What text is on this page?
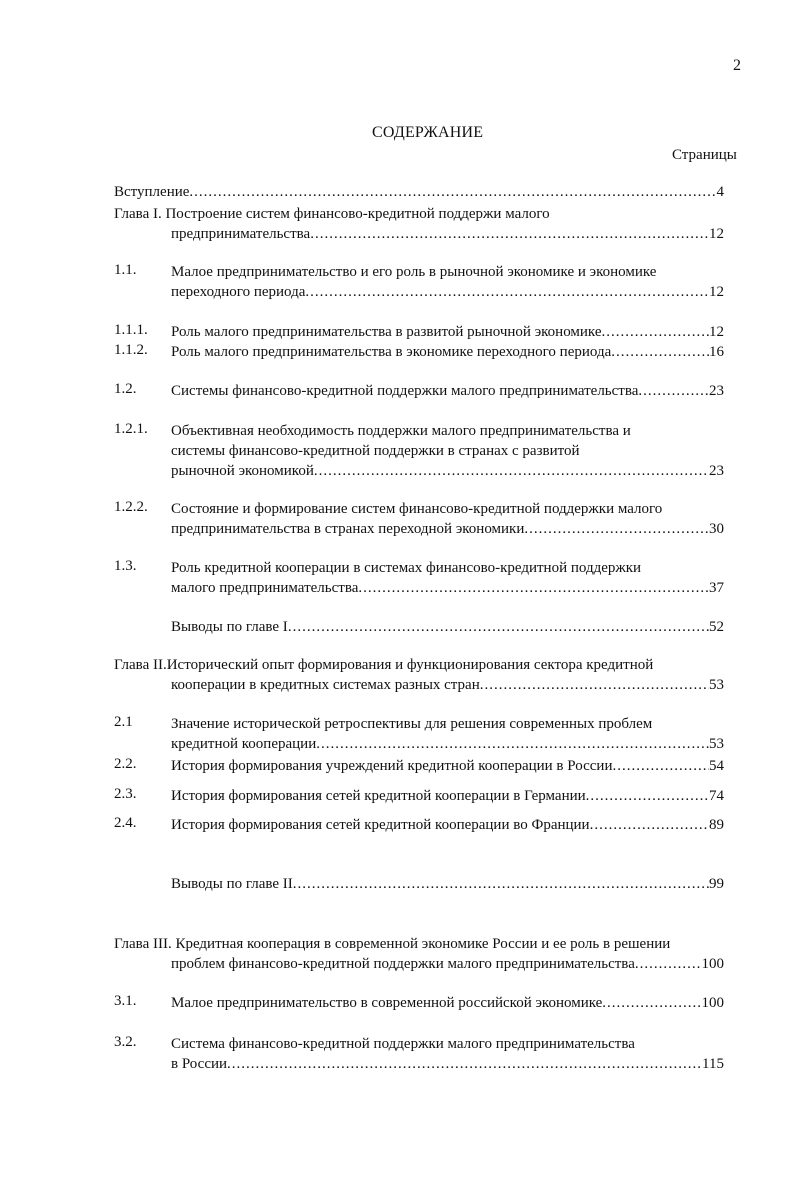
2
СОДЕРЖАНИЕ
Страницы
Вступление .....	4
Глава I. Построение систем финансово-кредитной поддержи малого
предпринимательства .....	12
1.1. Малое предпринимательство и его роль в рыночной экономике и экономике
переходного периода .....	12
1.1.1. Роль малого предпринимательства в развитой рыночной экономике .....	12
1.1.2. Роль малого предпринимательства в экономике переходного периода .....	16
1.2. Системы финансово-кредитной поддержки малого предпринимательства .....	23
1.2.1. Объективная необходимость поддержки малого предпринимательства и
системы финансово-кредитной поддержки в странах с развитой
рыночной экономикой .....	23
1.2.2. Состояние и формирование систем финансово-кредитной поддержки малого
предпринимательства в странах переходной экономики .....	30
1.3. Роль кредитной кооперации в системах финансово-кредитной поддержки
малого предпринимательства .....	37
Выводы по главе I .....	52
Глава II.Исторический опыт формирования и функционирования сектора кредитной
кооперации в кредитных системах разных стран .....	53
2.1	Значение исторической ретроспективы для решения современных проблем
кредитной кооперации .....	53
2.2. История формирования учреждений кредитной кооперации в России .....	54
2.3. История формирования сетей кредитной кооперации в Германии .....	74
2.4. История формирования сетей кредитной кооперации во Франции .....	89
Выводы по главе II .....	99
Глава III. Кредитная кооперация в современной экономике России и ее роль в решении
проблем финансово-кредитной поддержки малого предпринимательства .....	100
3.1. Малое предпринимательство в современной российской экономике .....	100
3.2. Система финансово-кредитной поддержки малого предпринимательства
в России .....	115
